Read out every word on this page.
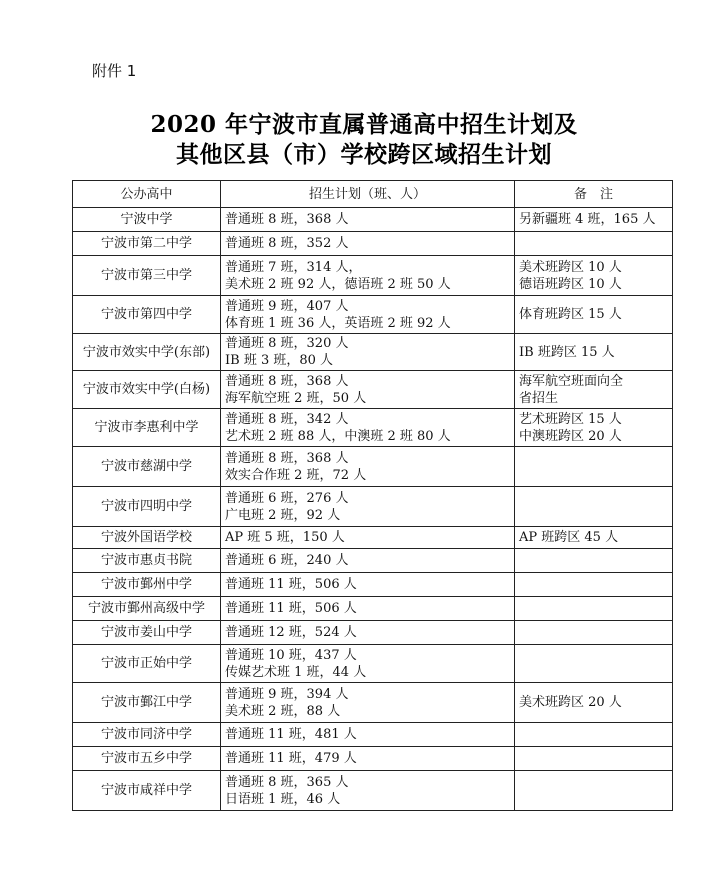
附件 1
2020 年宁波市直属普通高中招生计划及
其他区县（市）学校跨区域招生计划
公办高中	招生计划（班、人）	备　注
宁波中学	普通班 8 班，368 人	另新疆班 4 班，165 人

宁波市第二中学	普通班 8 班，352 人	

宁波市第三中学	普通班 7 班，314 人，
美术班 2 班 92 人，德语班 2 班 50 人	美术班跨区 10 人
德语班跨区 10 人

宁波市第四中学	普通班 9 班，407 人
体育班 1 班 36 人，英语班 2 班 92 人	体育班跨区 15 人

宁波市效实中学(东部)	普通班 8 班，320 人
IB 班 3 班，80 人	IB 班跨区 15 人

宁波市效实中学(白杨)	普通班 8 班，368 人
海军航空班 2 班，50 人	海军航空班面向全
省招生

宁波市李惠利中学	普通班 8 班，342 人
艺术班 2 班 88 人，中澳班 2 班 80 人	艺术班跨区 15 人
中澳班跨区 20 人

宁波市慈湖中学	普通班 8 班，368 人
效实合作班 2 班，72 人	

宁波市四明中学	普通班 6 班，276 人
广电班 2 班，92 人	

宁波外国语学校	AP 班 5 班，150 人	AP 班跨区 45 人

宁波市惠贞书院	普通班 6 班，240 人	

宁波市鄞州中学	普通班 11 班，506 人	

宁波市鄞州高级中学	普通班 11 班，506 人	

宁波市姜山中学	普通班 12 班，524 人	

宁波市正始中学	普通班 10 班，437 人
传媒艺术班 1 班，44 人	

宁波市鄞江中学	普通班 9 班，394 人
美术班 2 班，88 人	美术班跨区 20 人

宁波市同济中学	普通班 11 班，481 人	

宁波市五乡中学	普通班 11 班，479 人	

宁波市咸祥中学	普通班 8 班，365 人
日语班 1 班，46 人	
